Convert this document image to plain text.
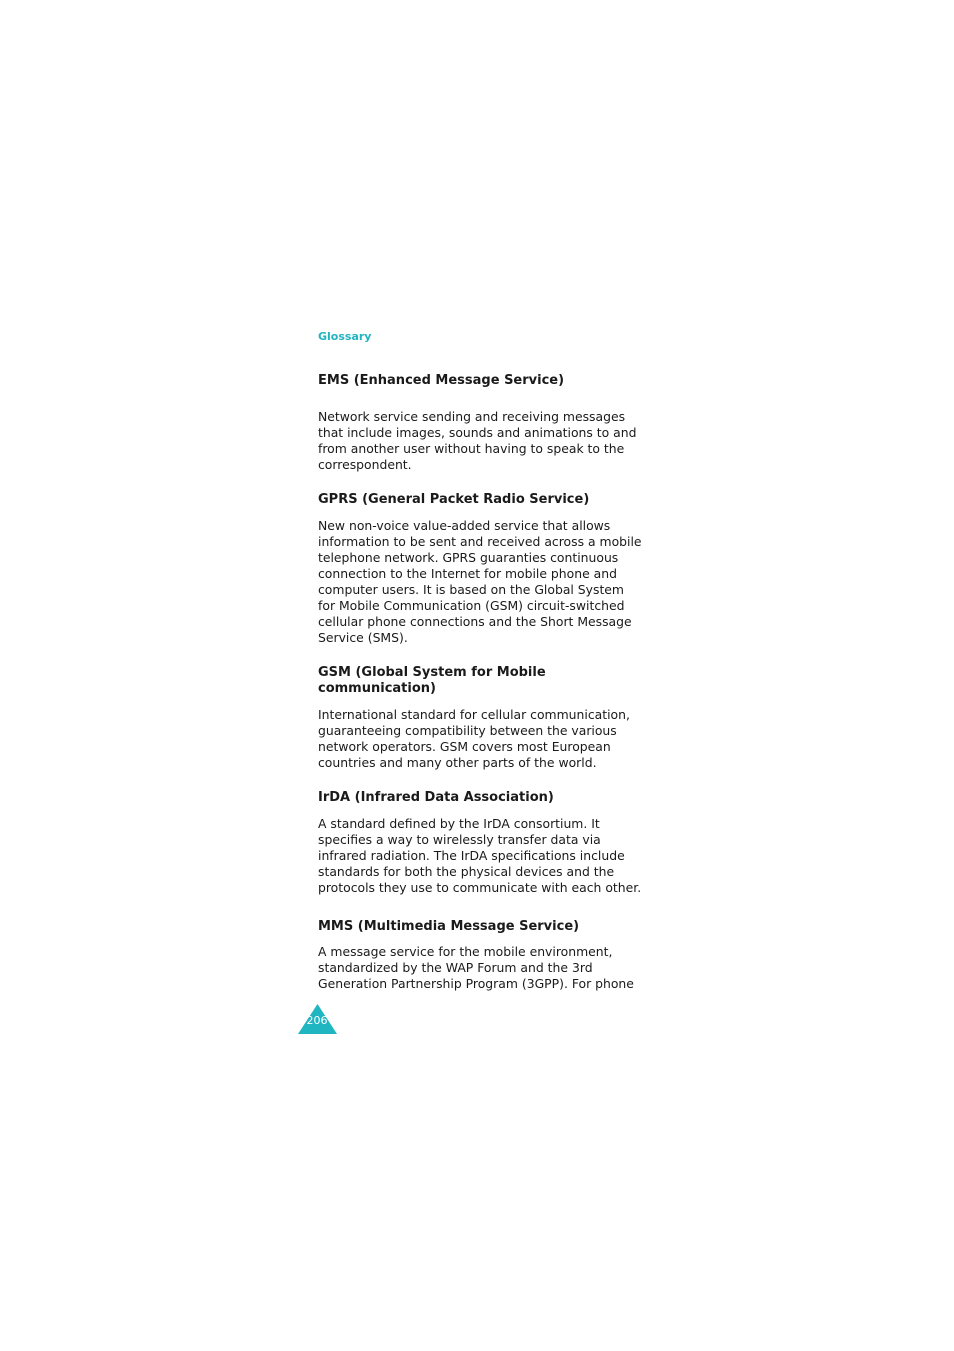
Glossary

EMS (Enhanced Message Service)

Network service sending and receiving messages
that include images, sounds and animations to and
from another user without having to speak to the
correspondent.

GPRS (General Packet Radio Service)

New non-voice value-added service that allows
information to be sent and received across a mobile
telephone network. GPRS guaranties continuous
connection to the Internet for mobile phone and
computer users. It is based on the Global System
for Mobile Communication (GSM) circuit-switched
cellular phone connections and the Short Message
Service (SMS).
GSM (Global System for Mobile
communication)
International standard for cellular communication,
guaranteeing compatibility between the various
network operators. GSM covers most European
countries and many other parts of the world.

IrDA (Infrared Data Association)

A standard defined by the IrDA consortium. It
specifies a way to wirelessly transfer data via
infrared radiation. The IrDA specifications include
standards for both the physical devices and the
protocols they use to communicate with each other.

MMS (Multimedia Message Service)

A message service for the mobile environment,
standardized by the WAP Forum and the 3rd
Generation Partnership Program (3GPP). For phone
206
